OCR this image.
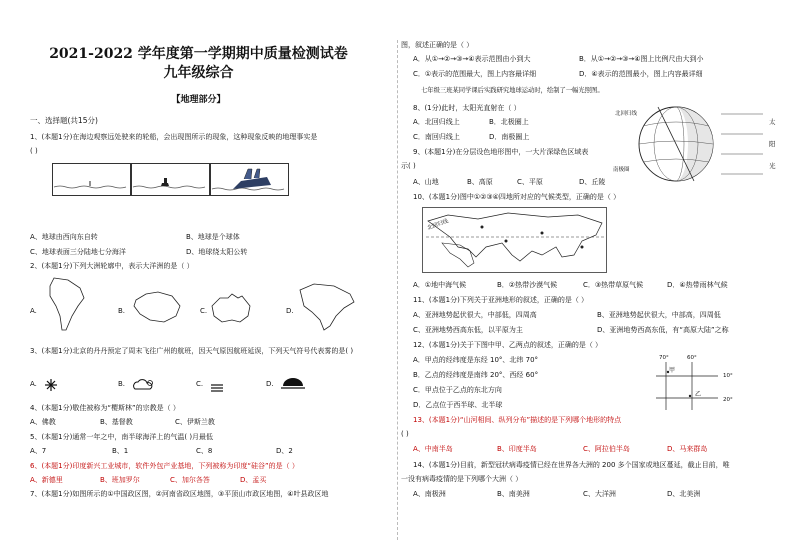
2021-2022 学年度第一学期期中质量检测试卷
九年级综合
【地理部分】
一、选择题(共15分)
1、(本题1分)在海边观察远处驶来的轮船，会出现图所示的现象，这种现象反映的地理事实是
( )
A、地球由西向东自转	B、地球是个球体
C、地球表面三分陆地七分海洋	D、地球绕太阳公转
2、(本题1分)下列大洲轮廓中，表示大洋洲的是（ ）
A.	B.	C.	D.
3、(本题1分)北京的丹丹预定了周末飞往广州的航班，因天气原因航班延误，下列天气符号代表雾的是( )
A.	B.	C.	D.
4、(本题1分)敬佳被称为“樱斯林”的宗教是（ ）
A、佛教	B、基督教	C、伊斯兰教
5、(本题1分)通常一年之中，南半球海洋上的气温( )月最低
A、7	B、1	C、8	D、2
6、(本题1分)印度新兴工业城市，软件外包产业基地，下列被称为印度“硅谷”的是（ ）
A、新德里	B、班加罗尔	C、加尔各答	D、孟买
7、(本题1分)如图所示的①中国政区图，②河南省政区地图，③平顶山市政区地图，④叶县政区地
图，叙述正确的是（ ）
A．从①→②→③→④表示范围由小到大	B．从①→②→③→④图上比例尺由大到小
C．①表示的范围最大，图上内容最详细	D．④表示的范围最小，图上内容最详细
七年级三班某同学课后实践研究地球运动时，绘制了一幅光照图。
8、(1分)此时，太阳光直射在（ ）
A．北回归线上	B．北极圈上
C．南回归线上	D．南极圈上
北回归线
南极圈
太
阳
光
9、(本题1分)在分层设色地形图中，一大片深绿色区域表
示( )
A、山地	B、高原	C、平原	D、丘陵
10、(本题1分)图中①②③④四地所对应的气候类型，正确的是（ ）
北回归线
A．①地中海气候	B．②热带沙漠气候	C．③热带草原气候	D．④热带雨林气候
11、(本题1分)下列关于亚洲地形的叙述，正确的是（ ）
A、亚洲地势起伏很大，中部低，四周高	B、亚洲地势起伏很大，中部高，四周低
C、亚洲地势西高东低，以平原为主	D、亚洲地势西高东低，有“高原大陆”之称
12、(本题1分)关于下图中甲、乙两点的叙述，正确的是（ ）
A．甲点的经纬度是东经 10°、北纬 70°
B．乙点的经纬度是南纬 20°、西经 60°
C．甲点位于乙点的东北方向
D．乙点位于西半球、北半球
70°	60°
10°
20°
甲
乙
13、(本题1分)“山河相间、纵列分布”描述的是下列哪个地形的特点
( )
A、中南半岛	B、印度半岛	C、阿拉伯半岛	D、马来群岛
14、(本题1分)目前，新型冠状病毒疫情已经在世界各大洲的 200 多个国家或地区蔓延，截止目前，唯
一没有病毒疫情的是下列哪个大洲（ ）
A、南极洲	B、南美洲	C、大洋洲	D、北美洲
